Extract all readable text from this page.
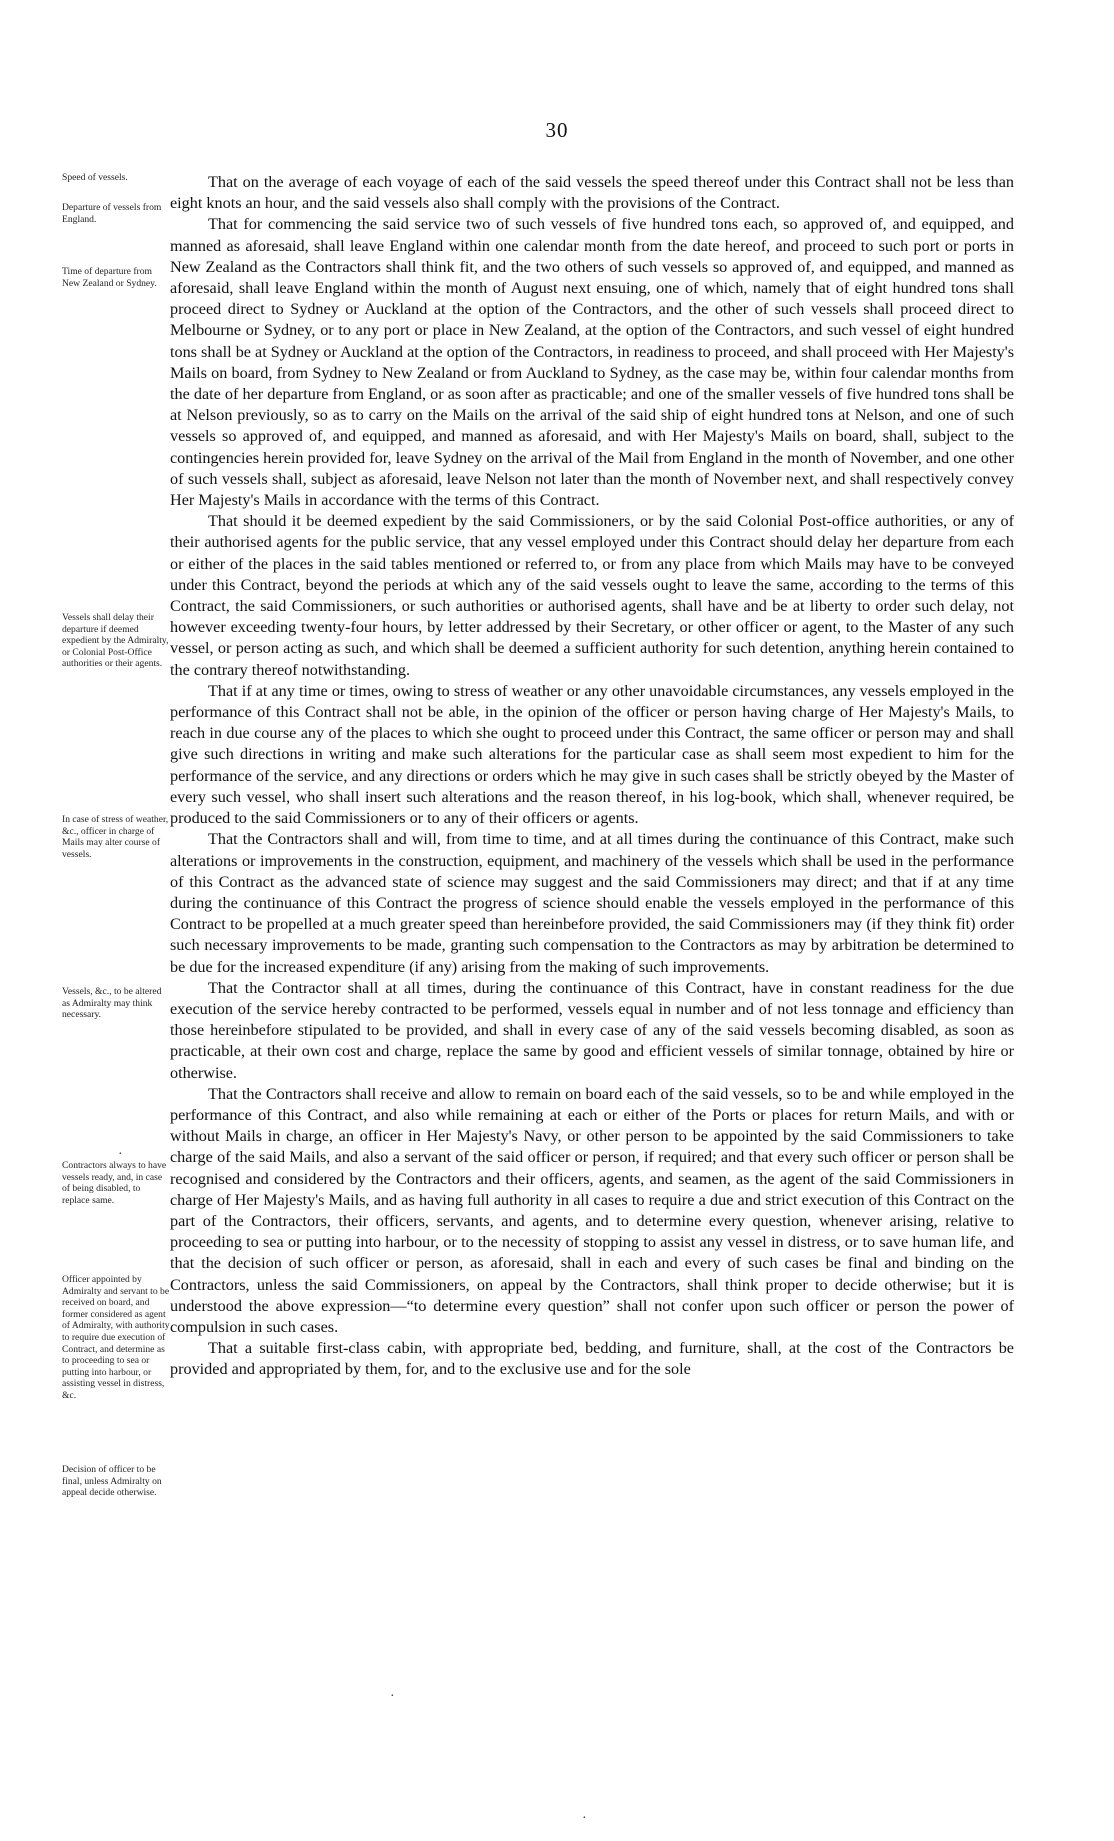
30
Speed of vessels.
Departure of vessels from England.
Time of departure from New Zealand or Sydney.
Vessels shall delay their departure if deemed expedient by the Admiralty, or Colonial Post-Office authorities or their agents.
In case of stress of weather, &c., officer in charge of Mails may alter course of vessels.
Vessels, &c., to be altered as Admiralty may think necessary.
Contractors always to have vessels ready, and, in case of being disabled, to replace same.
Officer appointed by Admiralty and servant to be received on board, and former considered as agent of Admiralty, with authority to require due execution of Contract, and determine as to proceeding to sea or putting into harbour, or assisting vessel in distress, &c.
Decision of officer to be final, unless Admiralty on appeal decide otherwise.

That on the average of each voyage of each of the said vessels the speed thereof under this Contract shall not be less than eight knots an hour, and the said vessels also shall comply with the provisions of the Contract.

That for commencing the said service two of such vessels of five hundred tons each, so approved of, and equipped, and manned as aforesaid, shall leave England within one calendar month from the date hereof, and proceed to such port or ports in New Zealand as the Contractors shall think fit, and the two others of such vessels so approved of, and equipped, and manned as aforesaid, shall leave England within the month of August next ensuing, one of which, namely that of eight hundred tons shall proceed direct to Sydney or Auckland at the option of the Contractors, and the other of such vessels shall proceed direct to Melbourne or Sydney, or to any port or place in New Zealand, at the option of the Contractors, and such vessel of eight hundred tons shall be at Sydney or Auckland at the option of the Contractors, in readiness to proceed, and shall proceed with Her Majesty's Mails on board, from Sydney to New Zealand or from Auckland to Sydney, as the case may be, within four calendar months from the date of her departure from England, or as soon after as practicable; and one of the smaller vessels of five hundred tons shall be at Nelson previously, so as to carry on the Mails on the arrival of the said ship of eight hundred tons at Nelson, and one of such vessels so approved of, and equipped, and manned as aforesaid, and with Her Majesty's Mails on board, shall, subject to the contingencies herein provided for, leave Sydney on the arrival of the Mail from England in the month of November, and one other of such vessels shall, subject as aforesaid, leave Nelson not later than the month of November next, and shall respectively convey Her Majesty's Mails in accordance with the terms of this Contract.

That should it be deemed expedient by the said Commissioners, or by the said Colonial Post-office authorities, or any of their authorised agents for the public service, that any vessel employed under this Contract should delay her departure from each or either of the places in the said tables mentioned or referred to, or from any place from which Mails may have to be conveyed under this Contract, beyond the periods at which any of the said vessels ought to leave the same, according to the terms of this Contract, the said Commissioners, or such authorities or authorised agents, shall have and be at liberty to order such delay, not however exceeding twenty-four hours, by letter addressed by their Secretary, or other officer or agent, to the Master of any such vessel, or person acting as such, and which shall be deemed a sufficient authority for such detention, anything herein contained to the contrary thereof notwithstanding.

That if at any time or times, owing to stress of weather or any other unavoidable circumstances, any vessels employed in the performance of this Contract shall not be able, in the opinion of the officer or person having charge of Her Majesty's Mails, to reach in due course any of the places to which she ought to proceed under this Contract, the same officer or person may and shall give such directions in writing and make such alterations for the particular case as shall seem most expedient to him for the performance of the service, and any directions or orders which he may give in such cases shall be strictly obeyed by the Master of every such vessel, who shall insert such alterations and the reason thereof, in his log-book, which shall, whenever required, be produced to the said Commissioners or to any of their officers or agents.

That the Contractors shall and will, from time to time, and at all times during the continuance of this Contract, make such alterations or improvements in the construction, equipment, and machinery of the vessels which shall be used in the performance of this Contract as the advanced state of science may suggest and the said Commissioners may direct; and that if at any time during the continuance of this Contract the progress of science should enable the vessels employed in the performance of this Contract to be propelled at a much greater speed than hereinbefore provided, the said Commissioners may (if they think fit) order such necessary improvements to be made, granting such compensation to the Contractors as may by arbitration be determined to be due for the increased expenditure (if any) arising from the making of such improvements.

That the Contractor shall at all times, during the continuance of this Contract, have in constant readiness for the due execution of the service hereby contracted to be performed, vessels equal in number and of not less tonnage and efficiency than those hereinbefore stipulated to be provided, and shall in every case of any of the said vessels becoming disabled, as soon as practicable, at their own cost and charge, replace the same by good and efficient vessels of similar tonnage, obtained by hire or otherwise.

That the Contractors shall receive and allow to remain on board each of the said vessels, so to be and while employed in the performance of this Contract, and also while remaining at each or either of the Ports or places for return Mails, and with or without Mails in charge, an officer in Her Majesty's Navy, or other person to be appointed by the said Commissioners to take charge of the said Mails, and also a servant of the said officer or person, if required; and that every such officer or person shall be recognised and considered by the Contractors and their officers, agents, and seamen, as the agent of the said Commissioners in charge of Her Majesty's Mails, and as having full authority in all cases to require a due and strict execution of this Contract on the part of the Contractors, their officers, servants, and agents, and to determine every question, whenever arising, relative to proceeding to sea or putting into harbour, or to the necessity of stopping to assist any vessel in distress, or to save human life, and that the decision of such officer or person, as aforesaid, shall in each and every of such cases be final and binding on the Contractors, unless the said Commissioners, on appeal by the Contractors, shall think proper to decide otherwise; but it is understood the above expression—“to determine every question” shall not confer upon such officer or person the power of compulsion in such cases.

That a suitable first-class cabin, with appropriate bed, bedding, and furniture, shall, at the cost of the Contractors be provided and appropriated by them, for, and to the exclusive use and for the sole

·
·
·
